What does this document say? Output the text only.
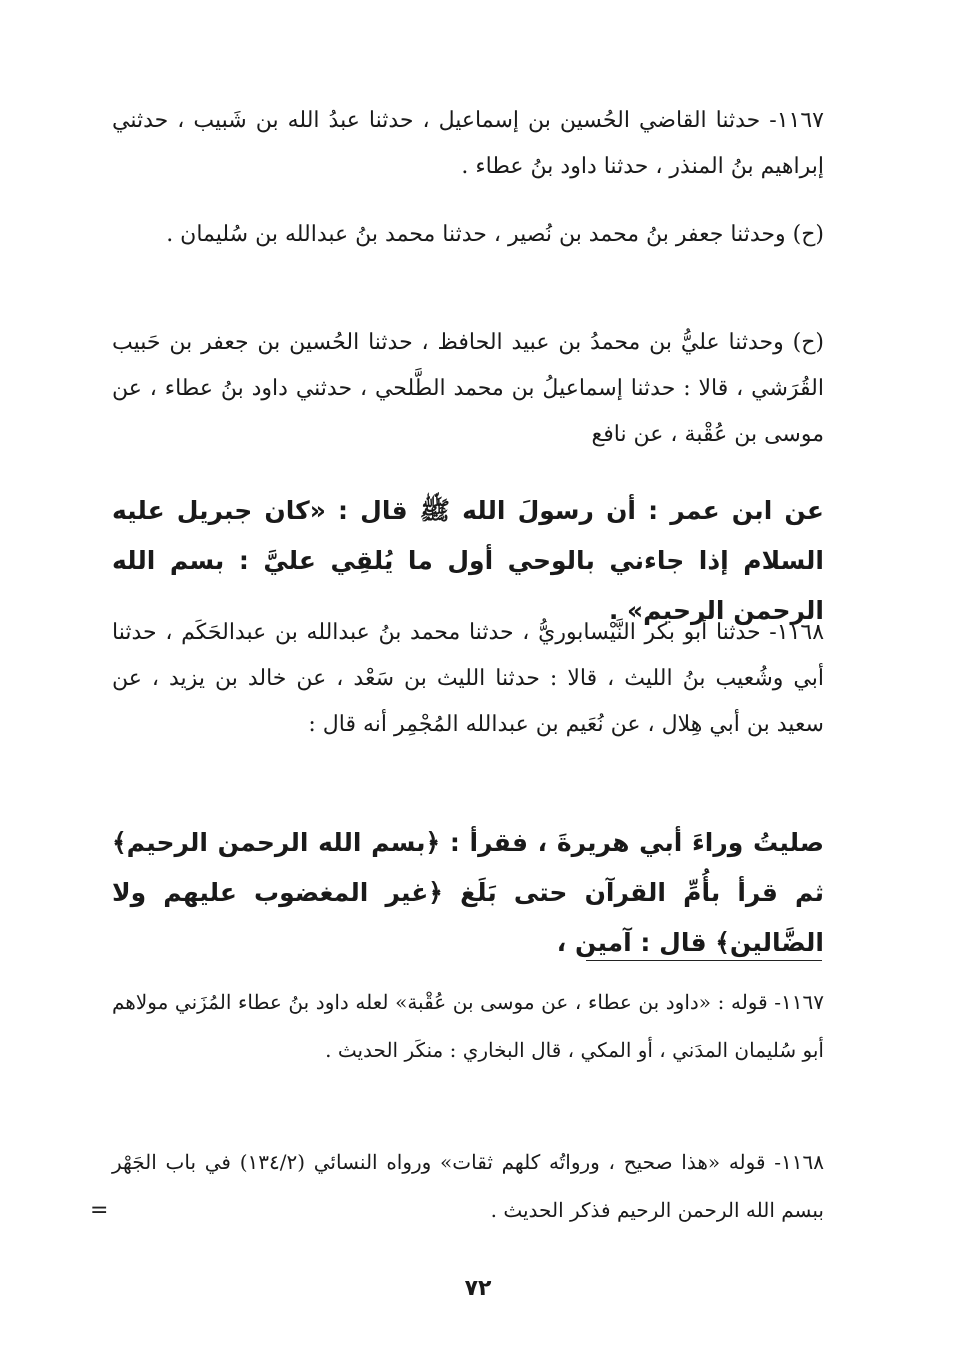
١١٦٧- حدثنا القاضي الحُسين بن إسماعيل ، حدثنا عبدُ الله بن شَبيب ، حدثني إبراهيم بنُ المنذر ، حدثنا داود بنُ عطاء .

(ح) وحدثنا جعفر بنُ محمد بن نُصير ، حدثنا محمد بنُ عبدالله بن سُليمان .

(ح) وحدثنا عليُّ بن محمدُ بن عبيد الحافظ ، حدثنا الحُسين بن جعفر بن حَبيب القُرَشي ، قالا : حدثنا إسماعيلُ بن محمد الطَّلحي ، حدثني داود بنُ عطاء ، عن موسى بن عُقْبة ، عن نافع

عن ابن عمر : أن رسولَ الله ﷺ قال : «كان جبريل عليه السلام إذا جاءني بالوحي أول ما يُلقِي عليَّ : بسم الله الرحمن الرحيم» .

١١٦٨- حدثنا أبو بكر النَّيْسابوريُّ ، حدثنا محمد بنُ عبدالله بن عبدالحَكَم ، حدثنا أبي وشُعيب بنُ الليث ، قالا : حدثنا الليث بن سَعْد ، عن خالد بن يزيد ، عن سعيد بن أبي هِلال ، عن نُعَيم بن عبدالله المُجْمِر أنه قال :

صليتُ وراءَ أبي هريرةَ ، فقرأ : ﴿بسم الله الرحمن الرحيم﴾ ثم قرأ بأُمِّ القرآن حتى بَلَغ ﴿غير المغضوب عليهم ولا الضَّالين﴾ قال : آمين ،

١١٦٧- قوله : «داود بن عطاء ، عن موسى بن عُقْبة» لعله داود بنُ عطاء المُزَني مولاهم أبو سُليمان المدَني ، أو المكي ، قال البخاري : منكَر الحديث .

١١٦٨- قوله «هذا صحيح ، ورواتُه كلهم ثقات» ورواه النسائي (١٣٤/٢) في باب الجَهْر ببسم الله الرحمن الرحيم فذكر الحديث .

=
٧٢
